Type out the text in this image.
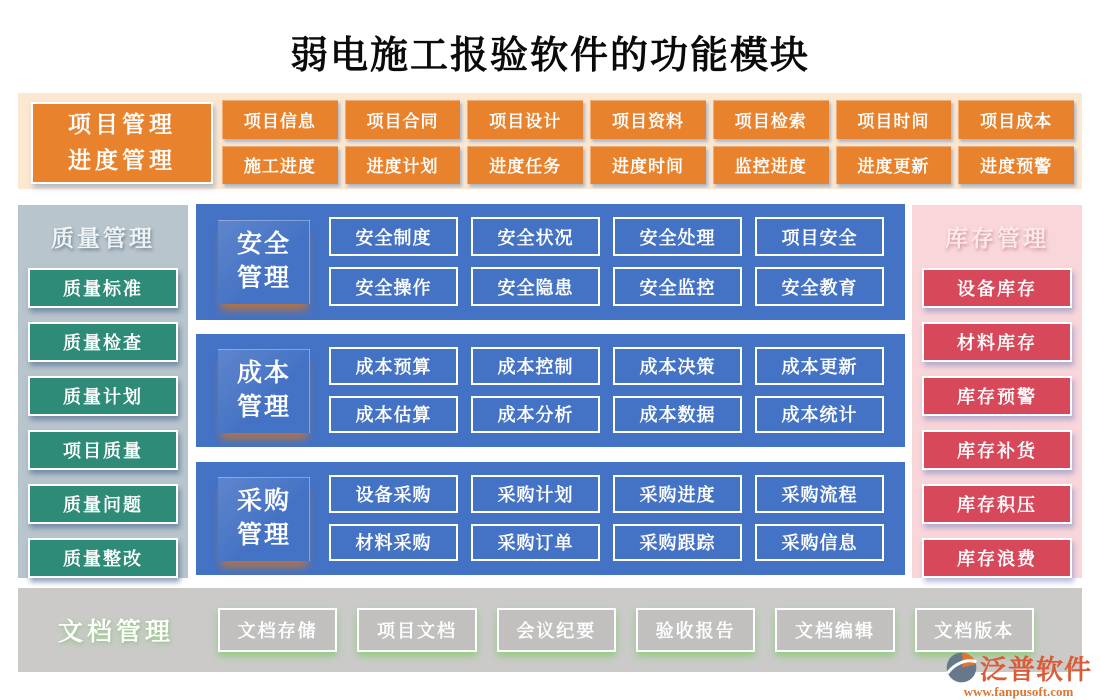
弱电施工报验软件的功能模块
项目管理
进度管理
项目信息	项目合同	项目设计	项目资料	项目检索	项目时间	项目成本
施工进度	进度计划	进度任务	进度时间	监控进度	进度更新	进度预警
质量管理
质量标准
质量检查
质量计划
项目质量
质量问题
质量整改
安全
管理
安全制度	安全状况	安全处理	项目安全
安全操作	安全隐患	安全监控	安全教育
成本
管理
成本预算	成本控制	成本决策	成本更新
成本估算	成本分析	成本数据	成本统计
采购
管理
设备采购	采购计划	采购进度	采购流程
材料采购	采购订单	采购跟踪	采购信息
库存管理
设备库存
材料库存
库存预警
库存补货
库存积压
库存浪费
文档管理	文档存储	项目文档	会议纪要	验收报告	文档编辑	文档版本
泛普软件
www.fanpusoft.com
